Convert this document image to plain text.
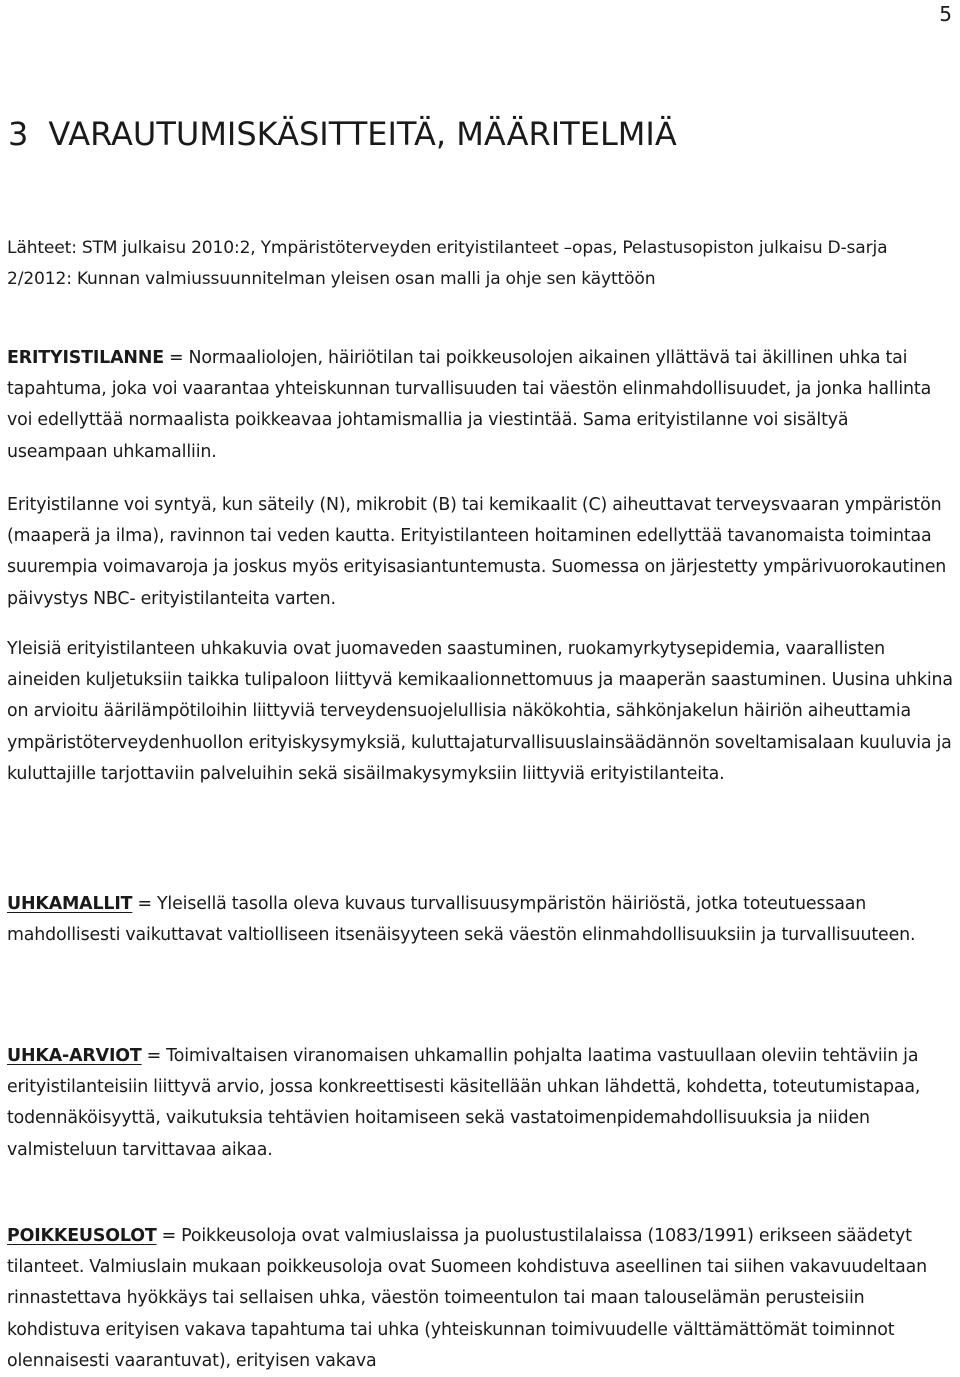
5
3 VARAUTUMISKÄSITTEITÄ, MÄÄRITELMIÄ

Lähteet: STM julkaisu 2010:2, Ympäristöterveyden erityistilanteet –opas, Pelastusopiston julkaisu D-sarja 2/2012: Kunnan valmiussuunnitelman yleisen osan malli ja ohje sen käyttöön

ERITYISTILANNE = Normaaliolojen, häiriötilan tai poikkeusolojen aikainen yllättävä tai äkillinen uhka tai tapahtuma, joka voi vaarantaa yhteiskunnan turvallisuuden tai väestön elinmahdollisuudet, ja jonka hallinta voi edellyttää normaalista poikkeavaa johtamismallia ja viestintää. Sama erityistilanne voi sisältyä useampaan uhkamalliin.

Erityistilanne voi syntyä, kun säteily (N), mikrobit (B) tai kemikaalit (C) aiheuttavat terveysvaaran ympäristön (maaperä ja ilma), ravinnon tai veden kautta. Erityistilanteen hoitaminen edellyttää tavanomaista toimintaa suurempia voimavaroja ja joskus myös erityisasiantuntemusta. Suomessa on järjestetty ympärivuorokautinen päivystys NBC- erityistilanteita varten.

Yleisiä erityistilanteen uhkakuvia ovat juomaveden saastuminen, ruokamyrkytysepidemia, vaarallisten aineiden kuljetuksiin taikka tulipaloon liittyvä kemikaalionnettomuus ja maaperän saastuminen. Uusina uhkina on arvioitu äärilämpötiloihin liittyviä terveydensuojelullisia näkökohtia, sähkönjakelun häiriön aiheuttamia ympäristöterveydenhuollon erityiskysymyksiä, kuluttajaturvallisuuslainsäädännön soveltamisalaan kuuluvia ja kuluttajille tarjottaviin palveluihin sekä sisäilmakysymyksiin liittyviä erityistilanteita.

UHKAMALLIT = Yleisellä tasolla oleva kuvaus turvallisuusympäristön häiriöstä, jotka toteutuessaan mahdollisesti vaikuttavat valtiolliseen itsenäisyyteen sekä väestön elinmahdollisuuksiin ja turvallisuuteen.

UHKA-ARVIOT = Toimivaltaisen viranomaisen uhkamallin pohjalta laatima vastuullaan oleviin tehtäviin ja erityistilanteisiin liittyvä arvio, jossa konkreettisesti käsitellään uhkan lähdettä, kohdetta, toteutumistapaa, todennäköisyyttä, vaikutuksia tehtävien hoitamiseen sekä vastatoimenpidemahdollisuuksia ja niiden valmisteluun tarvittavaa aikaa.

POIKKEUSOLOT = Poikkeusoloja ovat valmiuslaissa ja puolustustilalaissa (1083/1991) erikseen säädetyt tilanteet. Valmiuslain mukaan poikkeusoloja ovat Suomeen kohdistuva aseellinen tai siihen vakavuudeltaan rinnastettava hyökkäys tai sellaisen uhka, väestön toimeentulon tai maan talouselämän perusteisiin kohdistuva erityisen vakava tapahtuma tai uhka (yhteiskunnan toimivuudelle välttämättömät toiminnot olennaisesti vaarantuvat), erityisen vakava
